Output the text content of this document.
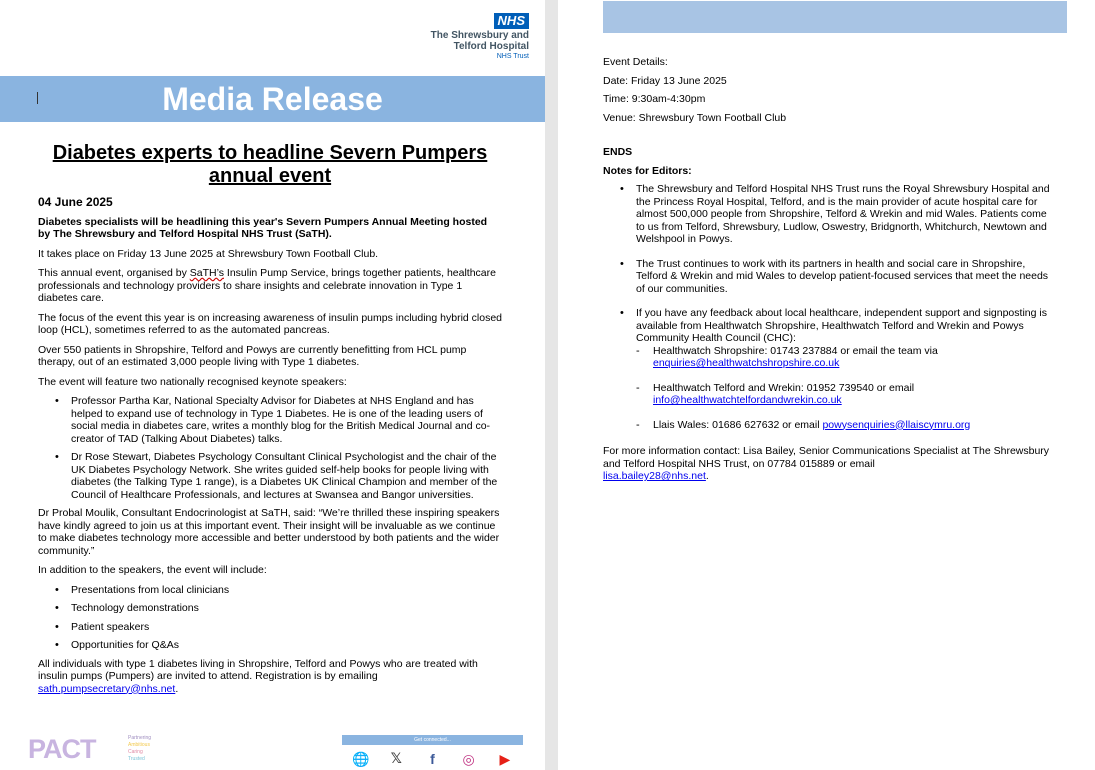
NHS
The Shrewsbury and
Telford Hospital
NHS Trust
Media Release
Diabetes experts to headline Severn Pumpers
annual event
04 June 2025

Diabetes specialists will be headlining this year's Severn Pumpers Annual Meeting hosted by The Shrewsbury and Telford Hospital NHS Trust (SaTH).

It takes place on Friday 13 June 2025 at Shrewsbury Town Football Club.

This annual event, organised by SaTH’s Insulin Pump Service, brings together patients, healthcare professionals and technology providers to share insights and celebrate innovation in Type 1 diabetes care.

The focus of the event this year is on increasing awareness of insulin pumps including hybrid closed loop (HCL), sometimes referred to as the automated pancreas.

Over 550 patients in Shropshire, Telford and Powys are currently benefitting from HCL pump therapy, out of an estimated 3,000 people living with Type 1 diabetes.

The event will feature two nationally recognised keynote speakers:

• Professor Partha Kar, National Specialty Advisor for Diabetes at NHS England and has helped to expand use of technology in Type 1 Diabetes. He is one of the leading users of social media in diabetes care, writes a monthly blog for the British Medical Journal and co-creator of TAD (Talking About Diabetes) talks.
• Dr Rose Stewart, Diabetes Psychology Consultant Clinical Psychologist and the chair of the UK Diabetes Psychology Network. She writes guided self-help books for people living with diabetes (the Talking Type 1 range), is a Diabetes UK Clinical Champion and member of the Council of Healthcare Professionals, and lectures at Swansea and Bangor universities.

Dr Probal Moulik, Consultant Endocrinologist at SaTH, said: “We’re thrilled these inspiring speakers have kindly agreed to join us at this important event. Their insight will be invaluable as we continue to make diabetes technology more accessible and better understood by both patients and the wider community.”

In addition to the speakers, the event will include:

• Presentations from local clinicians
• Technology demonstrations
• Patient speakers
• Opportunities for Q&As

All individuals with type 1 diabetes living in Shropshire, Telford and Powys who are treated with insulin pumps (Pumpers) are invited to attend. Registration is by emailing
sath.pumpsecretary@nhs.net.

PACT	Partnering
Ambitious
Caring
Trusted
Get connected...
🌐 𝕏	f	◎ ▶

Event Details:

Date: Friday 13 June 2025

Time: 9:30am-4:30pm

Venue: Shrewsbury Town Football Club

ENDS

Notes for Editors:

• The Shrewsbury and Telford Hospital NHS Trust runs the Royal Shrewsbury Hospital and the Princess Royal Hospital, Telford, and is the main provider of acute hospital care for almost 500,000 people from Shropshire, Telford & Wrekin and mid Wales. Patients come to us from Telford, Shrewsbury, Ludlow, Oswestry, Bridgnorth, Whitchurch, Newtown and Welshpool in Powys.
• The Trust continues to work with its partners in health and social care in Shropshire, Telford & Wrekin and mid Wales to develop patient-focused services that meet the needs of our communities.
• If you have any feedback about local healthcare, independent support and signposting is available from Healthwatch Shropshire, Healthwatch Telford and Wrekin and Powys Community Health Council (CHC):
- Healthwatch Shropshire: 01743 237884 or email the team via
enquiries@healthwatchshropshire.co.uk
- Healthwatch Telford and Wrekin: 01952 739540 or email
info@healthwatchtelfordandwrekin.co.uk
- Llais Wales: 01686 627632 or email powysenquiries@llaiscymru.org

For more information contact: Lisa Bailey, Senior Communications Specialist at The Shrewsbury and Telford Hospital NHS Trust, on 07784 015889 or email
lisa.bailey28@nhs.net.
